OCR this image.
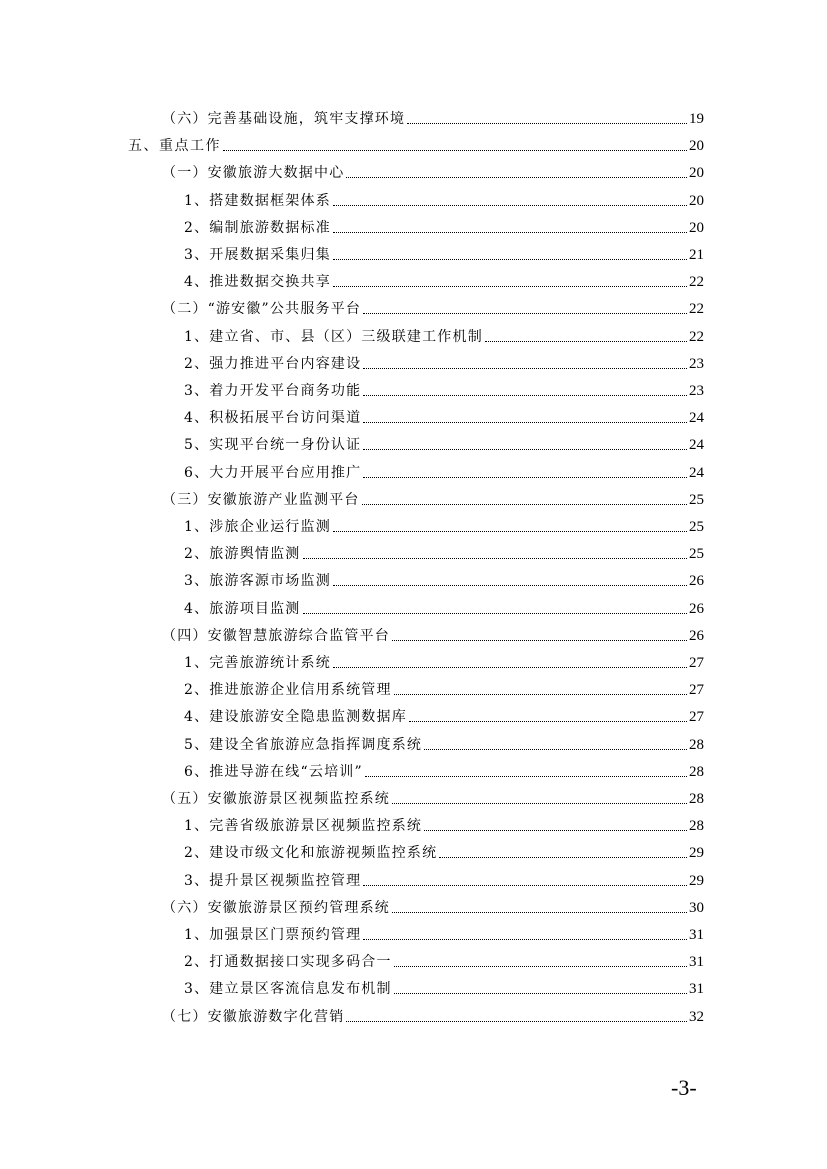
（六）完善基础设施，筑牢支撑环境	19
五、重点工作	20
（一）安徽旅游大数据中心	20
1、搭建数据框架体系	20
2、编制旅游数据标准	20
3、开展数据采集归集	21
4、推进数据交换共享	22
（二）“游安徽”公共服务平台	22
1、建立省、市、县（区）三级联建工作机制	22
2、强力推进平台内容建设	23
3、着力开发平台商务功能	23
4、积极拓展平台访问渠道	24
5、实现平台统一身份认证	24
6、大力开展平台应用推广	24
（三）安徽旅游产业监测平台	25
1、涉旅企业运行监测	25
2、旅游舆情监测	25
3、旅游客源市场监测	26
4、旅游项目监测	26
（四）安徽智慧旅游综合监管平台	26
1、完善旅游统计系统	27
2、推进旅游企业信用系统管理	27
4、建设旅游安全隐患监测数据库	27
5、建设全省旅游应急指挥调度系统	28
6、推进导游在线“云培训”	28
（五）安徽旅游景区视频监控系统	28
1、完善省级旅游景区视频监控系统	28
2、建设市级文化和旅游视频监控系统	29
3、提升景区视频监控管理	29
（六）安徽旅游景区预约管理系统	30
1、加强景区门票预约管理	31
2、打通数据接口实现多码合一	31
3、建立景区客流信息发布机制	31
（七）安徽旅游数字化营销	32
-3-
